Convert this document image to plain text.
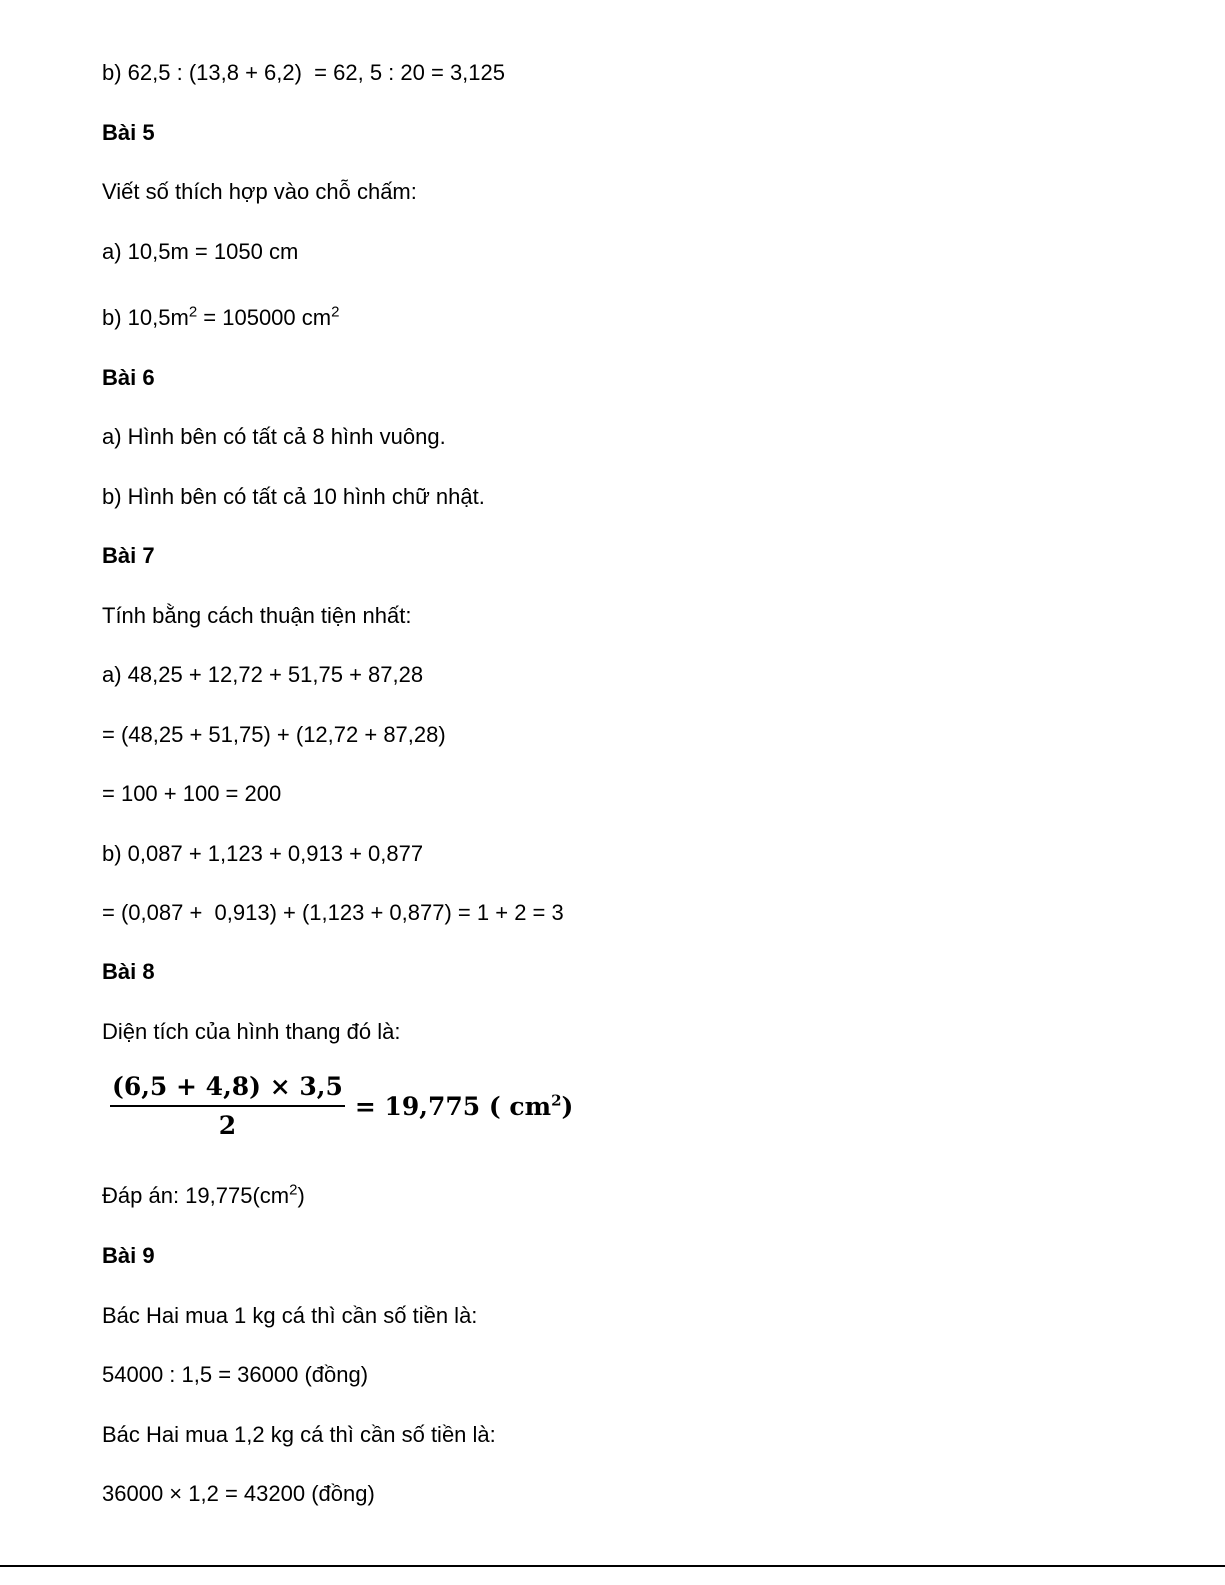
b) 62,5 : (13,8 + 6,2)  = 62, 5 : 20 = 3,125

Bài 5

Viết số thích hợp vào chỗ chấm:

a) 10,5m = 1050 cm

b) $10,5m^2 = 105000$ $cm^2$

Bài 6

a) Hình bên có tất cả 8 hình vuông.

b) Hình bên có tất cả 10 hình chữ nhật.

Bài 7

Tính bằng cách thuận tiện nhất:

a) 48,25 + 12,72 + 51,75 + 87,28

= (48,25 + 51,75) + (12,72 + 87,28)

= 100 + 100 = 200

b) 0,087 + 1,123 + 0,913 + 0,877

= (0,087 +  0,913) + (1,123 + 0,877) = 1 + 2 = 3

Bài 8

Diện tích của hình thang đó là:

$\frac{(6,5 + 4,8) \times 3,5}{2} = 19,775$ ( $cm^2$)

Đáp án: $19,775(cm^2)$

Bài 9

Bác Hai mua 1 kg cá thì cần số tiền là:

54000 : 1,5 = 36000 (đồng)

Bác Hai mua 1,2 kg cá thì cần số tiền là:

36000 × 1,2 = 43200 (đồng)
